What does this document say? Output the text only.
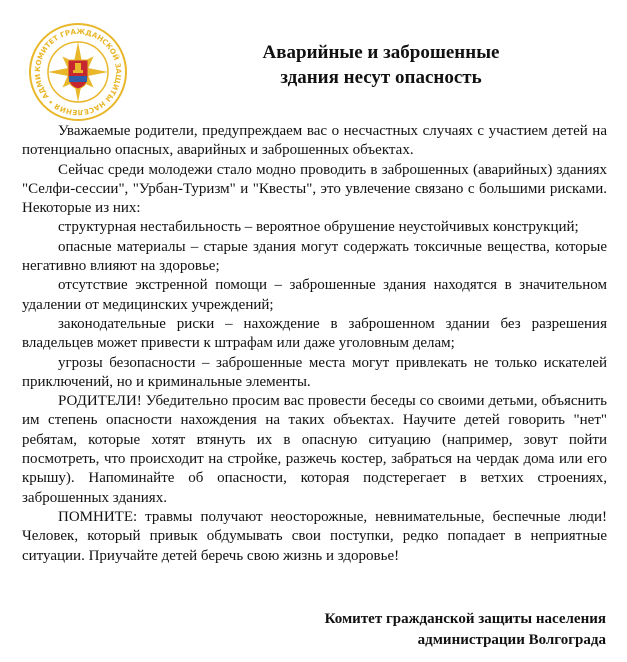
КОМИТЕТ ГРАЖДАНСКОЙ ЗАЩИТЫ НАСЕЛЕНИЯ • АДМИ
Аварийные и заброшенные
здания несут опасность

Уважаемые родители, предупреждаем вас о несчастных случаях с участием детей на потенциально опасных, аварийных и заброшенных объектах.

Сейчас среди молодежи стало модно проводить в заброшенных (аварийных) зданиях "Селфи-сессии", "Урбан-Туризм" и "Квесты", это увлечение связано с большими рисками. Некоторые из них:

структурная нестабильность – вероятное обрушение неустойчивых конструкций;

опасные материалы – старые здания могут содержать токсичные вещества, которые негативно влияют на здоровье;

отсутствие экстренной помощи – заброшенные здания находятся в значительном удалении от медицинских учреждений;

законодательные риски – нахождение в заброшенном здании без разрешения владельцев может привести к штрафам или даже уголовным делам;

угрозы безопасности – заброшенные места могут привлекать не только искателей приключений, но и криминальные элементы.

РОДИТЕЛИ! Убедительно просим вас провести беседы со своими детьми, объяснить им степень опасности нахождения на таких объектах. Научите детей говорить "нет" ребятам, которые хотят втянуть их в опасную ситуацию (например, зовут пойти посмотреть, что происходит на стройке, разжечь костер, забраться на чердак дома или его крышу). Напоминайте об опасности, которая подстерегает в ветхих строениях, заброшенных зданиях.

ПОМНИТЕ: травмы получают неосторожные, невнимательные, беспечные люди! Человек, который привык обдумывать свои поступки, редко попадает в неприятные ситуации. Приучайте детей беречь свою жизнь и здоровье!

Комитет гражданской защиты населения
администрации Волгограда
